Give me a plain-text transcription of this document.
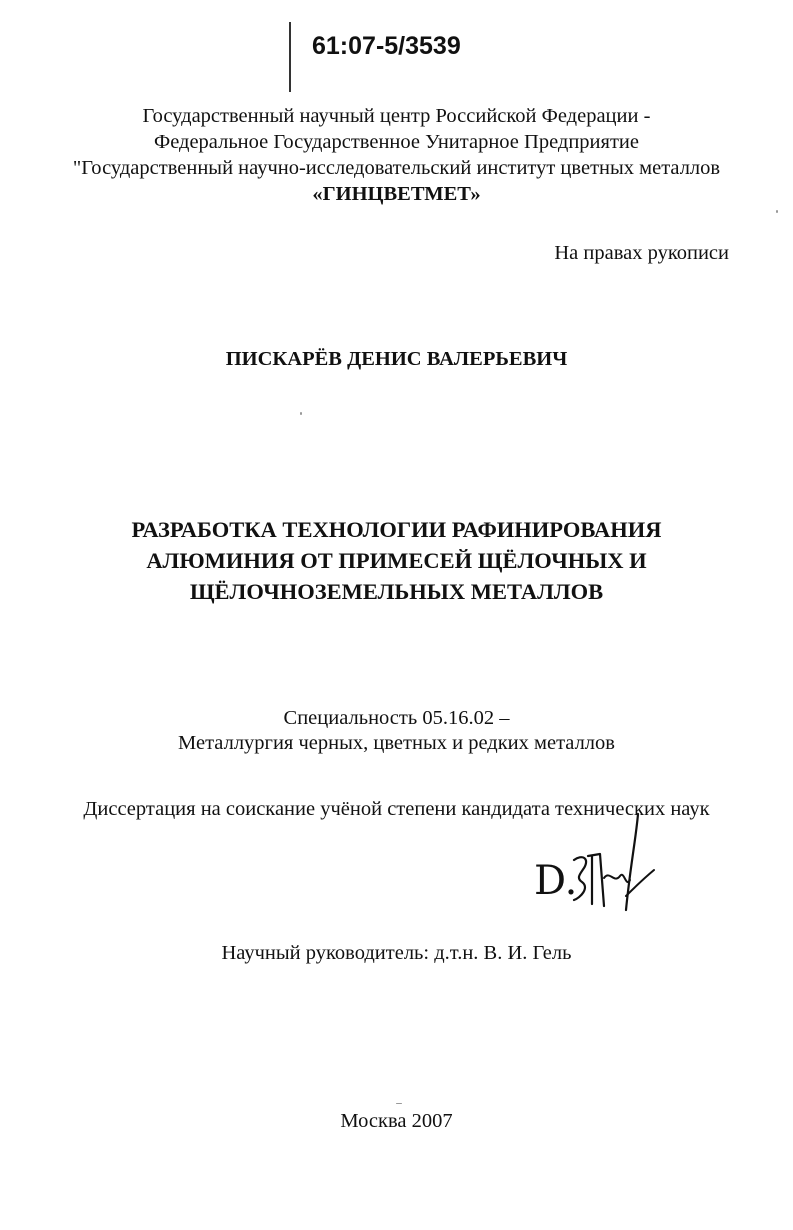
61:07-5/3539
Государственный научный центр Российской Федерации -
Федеральное Государственное Унитарное Предприятие
"Государственный научно-исследовательский институт цветных металлов
«ГИНЦВЕТМЕТ»
На правах рукописи
ПИСКАРЁВ ДЕНИС ВАЛЕРЬЕВИЧ
РАЗРАБОТКА ТЕХНОЛОГИИ РАФИНИРОВАНИЯ
АЛЮМИНИЯ ОТ ПРИМЕСЕЙ ЩЁЛОЧНЫХ И
ЩЁЛОЧНОЗЕМЕЛЬНЫХ МЕТАЛЛОВ
Специальность 05.16.02 –
Металлургия черных, цветных и редких металлов
Диссертация на соискание учёной степени кандидата технических наук
D.
Научный руководитель: д.т.н. В. И. Гель
Москва 2007
